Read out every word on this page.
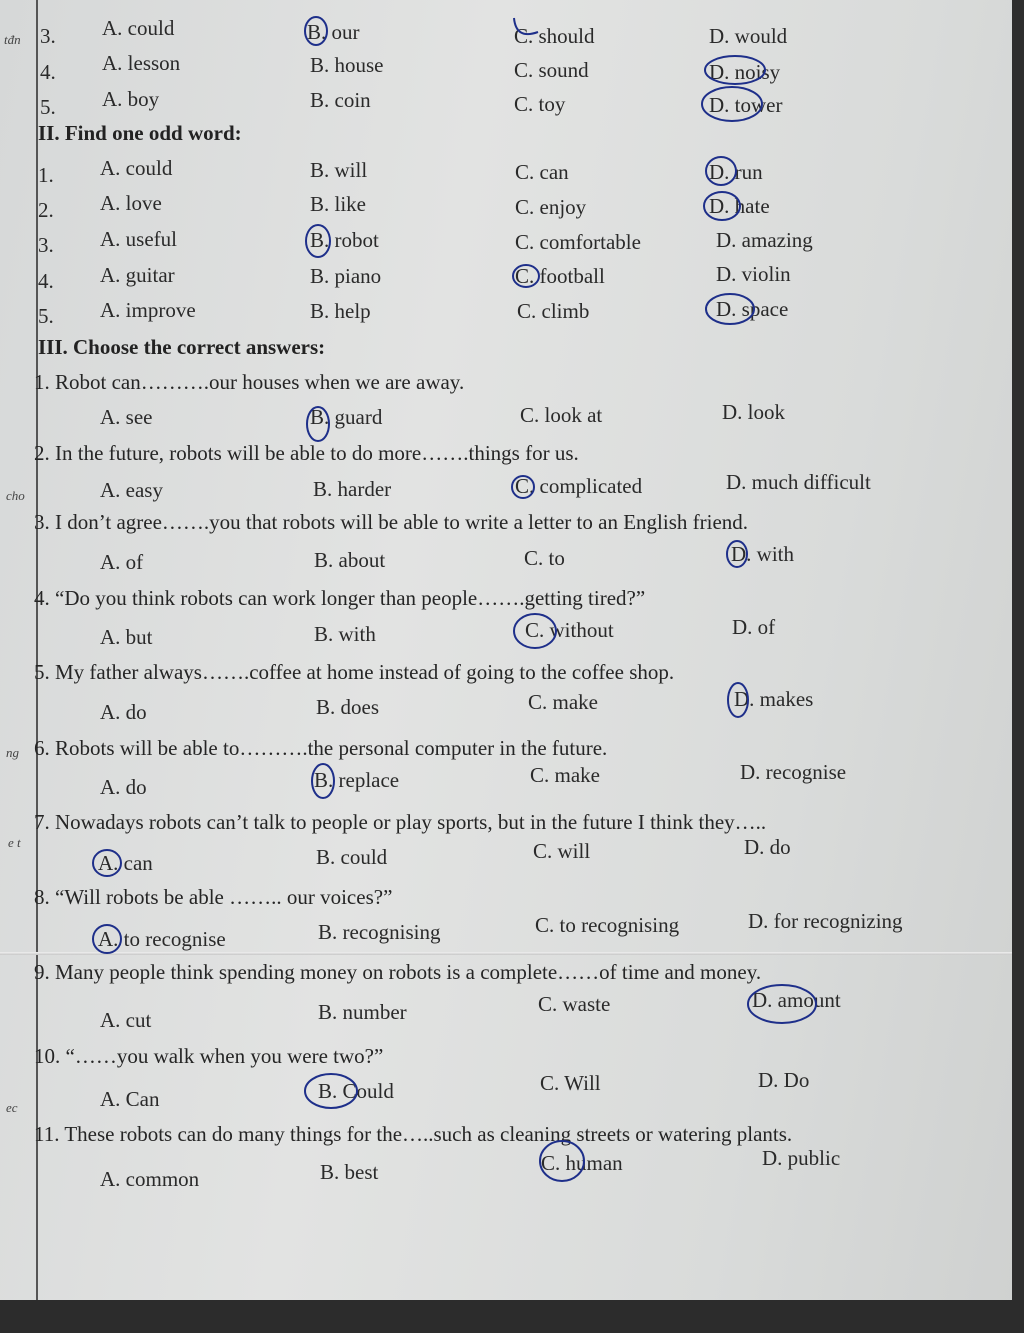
tđn
cho
ng
e t
ec
3. A. could	B. our	C. should	D. would
4. A. lesson	B. house	C. sound	D. noisy
5. A. boy	B. coin	C. toy	D. tower
II. Find one odd word:
1. A. could	B. will	C. can	D. run
2. A. love	B. like	C. enjoy	D. hate
3. A. useful	B. robot	C. comfortable	D. amazing
4. A. guitar	B. piano	C. football	D. violin
5. A. improve	B. help	C. climb	D. space
III. Choose the correct answers:
1. Robot can……….our houses when we are away.
A. see	B. guard	C. look at	D. look
2. In the future, robots will be able to do more…….things for us.
A. easy	B. harder	C. complicated	D. much difficult
3. I don’t agree…….you that robots will be able to write a letter to an English friend.
A. of	B. about	C. to	D. with
4. “Do you think robots can work longer than people…….getting tired?”
A. but	B. with	C. without	D. of
5. My father always…….coffee at home instead of going to the coffee shop.
A. do	B. does	C. make	D. makes
6. Robots will be able to……….the personal computer in the future.
A. do	B. replace	C. make	D. recognise
7. Nowadays robots can’t talk to people or play sports, but in the future I think they…..
A. can	B. could	C. will	D. do
8. “Will robots be able …….. our voices?”
A. to recognise	B. recognising	C. to recognising	D. for recognizing
9. Many people think spending money on robots is a complete……of time and money.
A. cut	B. number	C. waste	D. amount
10. “……you walk when you were two?”
A. Can	B. Could	C. Will	D. Do
11. These robots can do many things for the…..such as cleaning streets or watering plants.
A. common	B. best	C. human	D. public
